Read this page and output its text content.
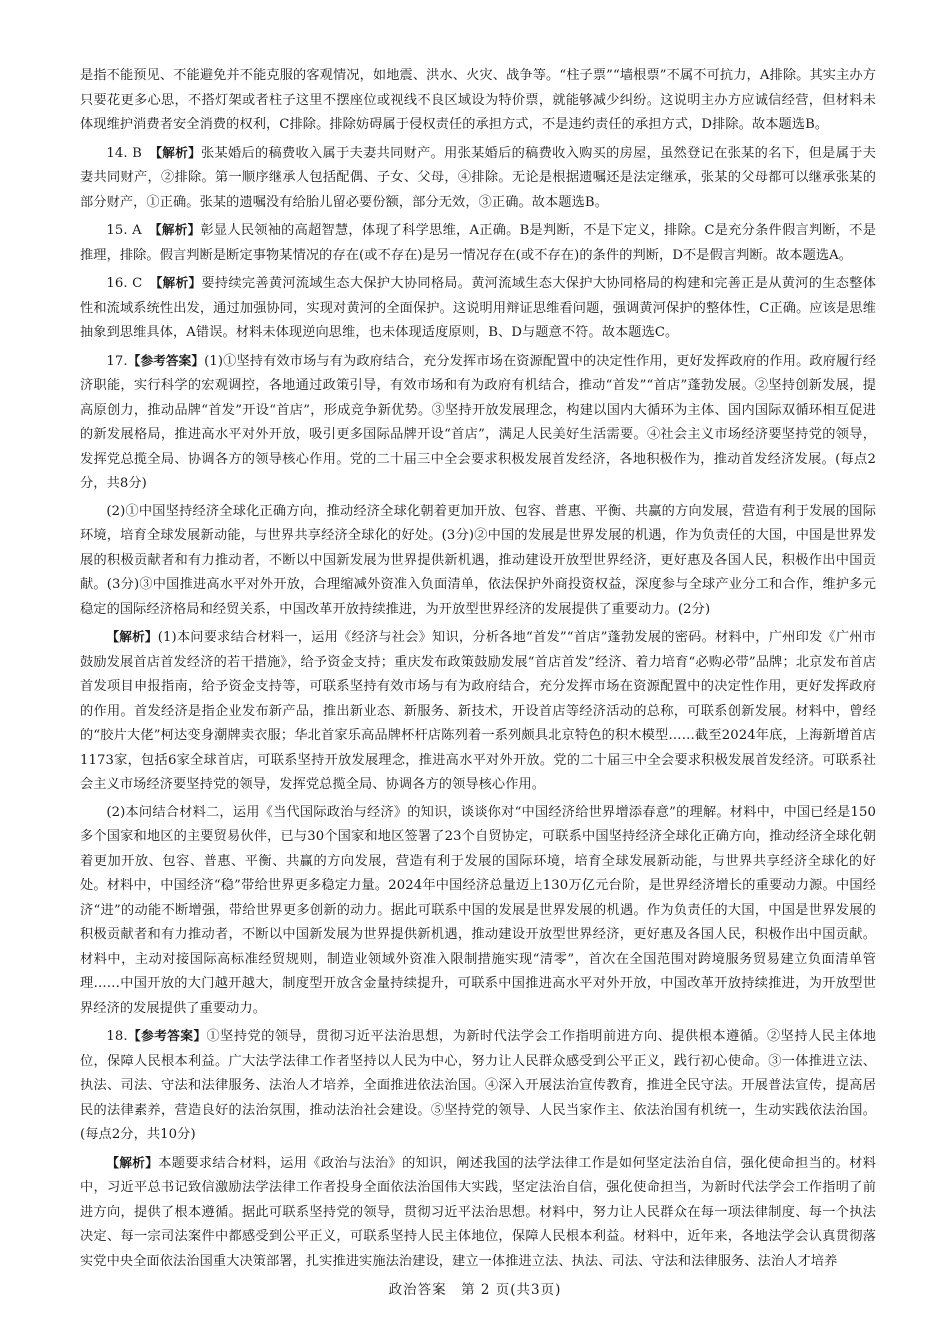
是指不能预见、不能避免并不能克服的客观情况，如地震、洪水、火灾、战争等。“柱子票”“墙根票”不属不可抗力，A排除。其实主办方只要花更多心思，不搭灯架或者柱子这里不摆座位或视线不良区域设为特价票，就能够减少纠纷。这说明主办方应诚信经营，但材料未体现维护消费者安全消费的权利，C排除。排除妨碍属于侵权责任的承担方式，不是违约责任的承担方式，D排除。故本题选B。

14. B　【解析】张某婚后的稿费收入属于夫妻共同财产。用张某婚后的稿费收入购买的房屋，虽然登记在张某的名下，但是属于夫妻共同财产，②排除。第一顺序继承人包括配偶、子女、父母，④排除。无论是根据遗嘱还是法定继承，张某的父母都可以继承张某的部分财产，①正确。张某的遗嘱没有给胎儿留必要份额，部分无效，③正确。故本题选B。

15. A　【解析】彰显人民领袖的高超智慧，体现了科学思维，A正确。B是判断，不是下定义，排除。C是充分条件假言判断，不是推理，排除。假言判断是断定事物某情况的存在(或不存在)是另一情况存在(或不存在)的条件的判断，D不是假言判断。故本题选A。

16. C　【解析】要持续完善黄河流域生态大保护大协同格局。黄河流域生态大保护大协同格局的构建和完善正是从黄河的生态整体性和流域系统性出发，通过加强协同，实现对黄河的全面保护。这说明用辩证思维看问题，强调黄河保护的整体性，C正确。应该是思维抽象到思维具体，A错误。材料未体现逆向思维，也未体现适度原则，B、D与题意不符。故本题选C。

17.【参考答案】(1)①坚持有效市场与有为政府结合，充分发挥市场在资源配置中的决定性作用，更好发挥政府的作用。政府履行经济职能，实行科学的宏观调控，各地通过政策引导，有效市场和有为政府有机结合，推动“首发”“首店”蓬勃发展。②坚持创新发展，提高原创力，推动品牌“首发”开设“首店”，形成竞争新优势。③坚持开放发展理念，构建以国内大循环为主体、国内国际双循环相互促进的新发展格局，推进高水平对外开放，吸引更多国际品牌开设“首店”，满足人民美好生活需要。④社会主义市场经济要坚持党的领导，发挥党总揽全局、协调各方的领导核心作用。党的二十届三中全会要求积极发展首发经济，各地积极作为，推动首发经济发展。(每点2分，共8分)

(2)①中国坚持经济全球化正确方向，推动经济全球化朝着更加开放、包容、普惠、平衡、共赢的方向发展，营造有利于发展的国际环境，培育全球发展新动能，与世界共享经济全球化的好处。(3分)②中国的发展是世界发展的机遇，作为负责任的大国，中国是世界发展的积极贡献者和有力推动者，不断以中国新发展为世界提供新机遇，推动建设开放型世界经济，更好惠及各国人民，积极作出中国贡献。(3分)③中国推进高水平对外开放，合理缩减外资准入负面清单，依法保护外商投资权益，深度参与全球产业分工和合作，维护多元稳定的国际经济格局和经贸关系，中国改革开放持续推进，为开放型世界经济的发展提供了重要动力。(2分)

【解析】(1)本问要求结合材料一，运用《经济与社会》知识，分析各地“首发”“首店”蓬勃发展的密码。材料中，广州印发《广州市鼓励发展首店首发经济的若干措施》，给予资金支持；重庆发布政策鼓励发展“首店首发”经济、着力培育“必购必带”品牌；北京发布首店首发项目申报指南，给予资金支持等，可联系坚持有效市场与有为政府结合，充分发挥市场在资源配置中的决定性作用，更好发挥政府的作用。首发经济是指企业发布新产品，推出新业态、新服务、新技术，开设首店等经济活动的总称，可联系创新发展。材料中，曾经的“胶片大佬”柯达变身潮牌卖衣服；华北首家乐高品牌杯杆店陈列着一系列颇具北京特色的积木模型……截至2024年底，上海新增首店1173家，包括6家全球首店，可联系坚持开放发展理念，推进高水平对外开放。党的二十届三中全会要求积极发展首发经济。可联系社会主义市场经济要坚持党的领导，发挥党总揽全局、协调各方的领导核心作用。

(2)本问结合材料二，运用《当代国际政治与经济》的知识，谈谈你对“中国经济给世界增添春意”的理解。材料中，中国已经是150多个国家和地区的主要贸易伙伴，已与30个国家和地区签署了23个自贸协定，可联系中国坚持经济全球化正确方向，推动经济全球化朝着更加开放、包容、普惠、平衡、共赢的方向发展，营造有利于发展的国际环境，培育全球发展新动能，与世界共享经济全球化的好处。材料中，中国经济“稳”带给世界更多稳定力量。2024年中国经济总量迈上130万亿元台阶，是世界经济增长的重要动力源。中国经济“进”的动能不断增强，带给世界更多创新的动力。据此可联系中国的发展是世界发展的机遇。作为负责任的大国，中国是世界发展的积极贡献者和有力推动者，不断以中国新发展为世界提供新机遇，推动建设开放型世界经济，更好惠及各国人民，积极作出中国贡献。材料中，主动对接国际高标准经贸规则，制造业领域外资准入限制措施实现“清零”，首次在全国范围对跨境服务贸易建立负面清单管理……中国开放的大门越开越大，制度型开放含金量持续提升，可联系中国推进高水平对外开放，中国改革开放持续推进，为开放型世界经济的发展提供了重要动力。

18.【参考答案】①坚持党的领导，贯彻习近平法治思想，为新时代法学会工作指明前进方向、提供根本遵循。②坚持人民主体地位，保障人民根本利益。广大法学法律工作者坚持以人民为中心，努力让人民群众感受到公平正义，践行初心使命。③一体推进立法、执法、司法、守法和法律服务、法治人才培养，全面推进依法治国。④深入开展法治宣传教育，推进全民守法。开展普法宣传，提高居民的法律素养，营造良好的法治氛围，推动法治社会建设。⑤坚持党的领导、人民当家作主、依法治国有机统一，生动实践依法治国。(每点2分，共10分)

【解析】本题要求结合材料，运用《政治与法治》的知识，阐述我国的法学法律工作是如何坚定法治自信，强化使命担当的。材料中，习近平总书记致信激励法学法律工作者投身全面依法治国伟大实践，坚定法治自信，强化使命担当，为新时代法学会工作指明了前进方向，提供了根本遵循。据此可联系坚持党的领导，贯彻习近平法治思想。材料中，努力让人民群众在每一项法律制度、每一个执法决定、每一宗司法案件中都感受到公平正义，可联系坚持人民主体地位，保障人民根本利益。材料中，近年来，各地法学会认真贯彻落实党中央全面依法治国重大决策部署，扎实推进实施法治建设，建立一体推进立法、执法、司法、守法和法律服务、法治人才培养

政治答案　第 2 页(共3页)
